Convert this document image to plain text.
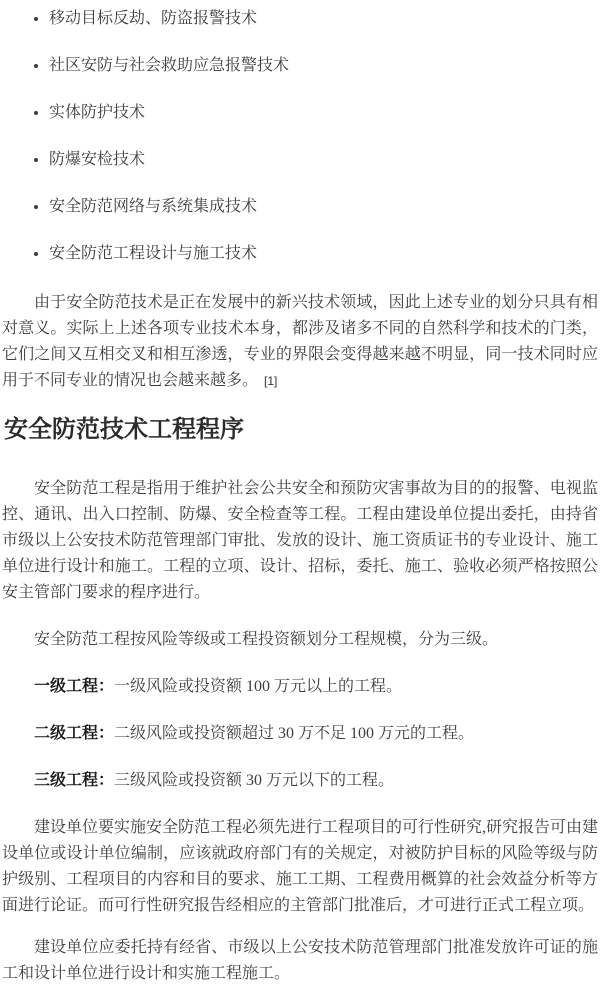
• 移动目标反劫、防盗报警技术
• 社区安防与社会救助应急报警技术
• 实体防护技术
• 防爆安检技术
• 安全防范网络与系统集成技术
• 安全防范工程设计与施工技术

由于安全防范技术是正在发展中的新兴技术领域，因此上述专业的划分只具有相对意义。实际上上述各项专业技术本身，都涉及诸多不同的自然科学和技术的门类，它们之间又互相交叉和相互渗透，专业的界限会变得越来越不明显，同一技术同时应用于不同专业的情况也会越来越多。 [1]

安全防范技术工程程序

安全防范工程是指用于维护社会公共安全和预防灾害事故为目的的报警、电视监控、通讯、出入口控制、防爆、安全检查等工程。工程由建设单位提出委托，由持省市级以上公安技术防范管理部门审批、发放的设计、施工资质证书的专业设计、施工单位进行设计和施工。工程的立项、设计、招标，委托、施工、验收必须严格按照公安主管部门要求的程序进行。

安全防范工程按风险等级或工程投资额划分工程规模，分为三级。

一级工程：一级风险或投资额 100 万元以上的工程。

二级工程：二级风险或投资额超过 30 万不足 100 万元的工程。

三级工程：三级风险或投资额 30 万元以下的工程。

建设单位要实施安全防范工程必须先进行工程项目的可行性研究,研究报告可由建设单位或设计单位编制，应该就政府部门有的关规定，对被防护目标的风险等级与防护级别、工程项目的内容和目的要求、施工工期、工程费用概算的社会效益分析等方面进行论证。而可行性研究报告经相应的主管部门批准后，才可进行正式工程立项。

建设单位应委托持有经省、市级以上公安技术防范管理部门批准发放许可证的施工和设计单位进行设计和实施工程施工。
